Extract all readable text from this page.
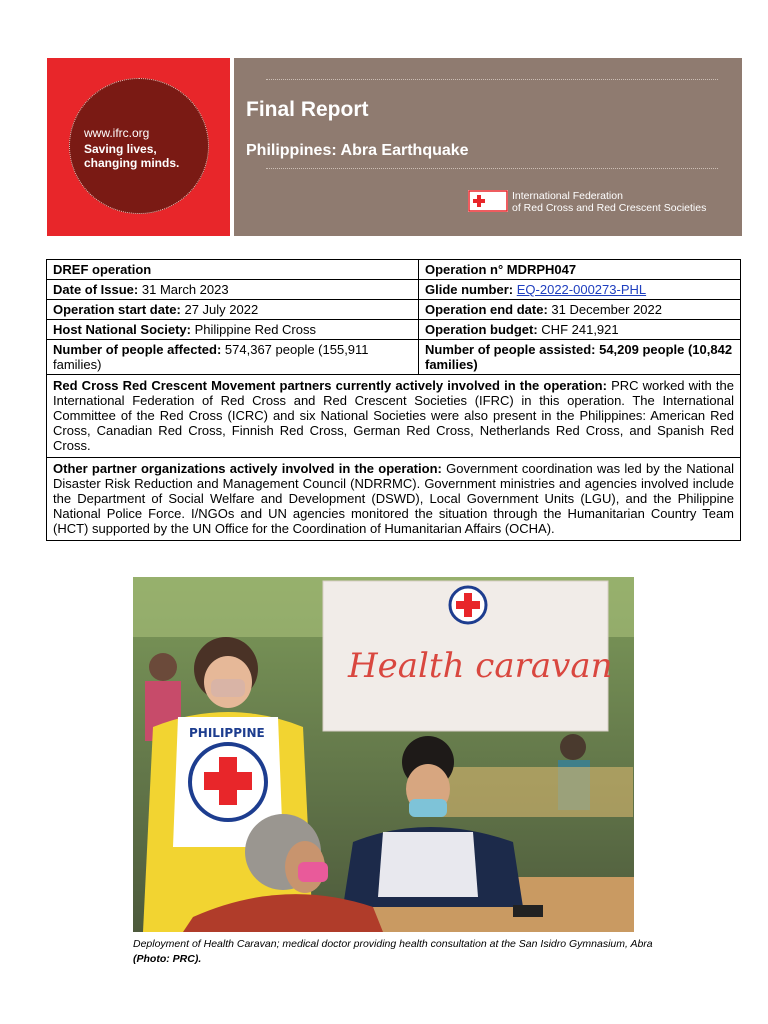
www.ifrc.org
Saving lives, changing minds.
Final Report
Philippines: Abra Earthquake
International Federation
of Red Cross and Red Crescent Societies
DREF operation	Operation n° MDRPH047
Date of Issue: 31 March 2023	Glide number: EQ-2022-000273-PHL
Operation start date: 27 July 2022	Operation end date: 31 December 2022
Host National Society: Philippine Red Cross	Operation budget: CHF 241,921
Number of people affected: 574,367 people (155,911 families)	Number of people assisted: 54,209 people (10,842 families)
Red Cross Red Crescent Movement partners currently actively involved in the operation: PRC worked with the International Federation of Red Cross and Red Crescent Societies (IFRC) in this operation. The International Committee of the Red Cross (ICRC) and six National Societies were also present in the Philippines: American Red Cross, Canadian Red Cross, Finnish Red Cross, German Red Cross, Netherlands Red Cross, and Spanish Red Cross.	
Other partner organizations actively involved in the operation: Government coordination was led by the National Disaster Risk Reduction and Management Council (NDRRMC). Government ministries and agencies involved include the Department of Social Welfare and Development (DSWD), Local Government Units (LGU), and the Philippine National Police Force. I/NGOs and UN agencies monitored the situation through the Humanitarian Country Team (HCT) supported by the UN Office for the Coordination of Humanitarian Affairs (OCHA).	
Health caravan
PHILIPPINE
Deployment of Health Caravan; medical doctor providing health consultation at the San Isidro Gymnasium, Abra (Photo: PRC).
